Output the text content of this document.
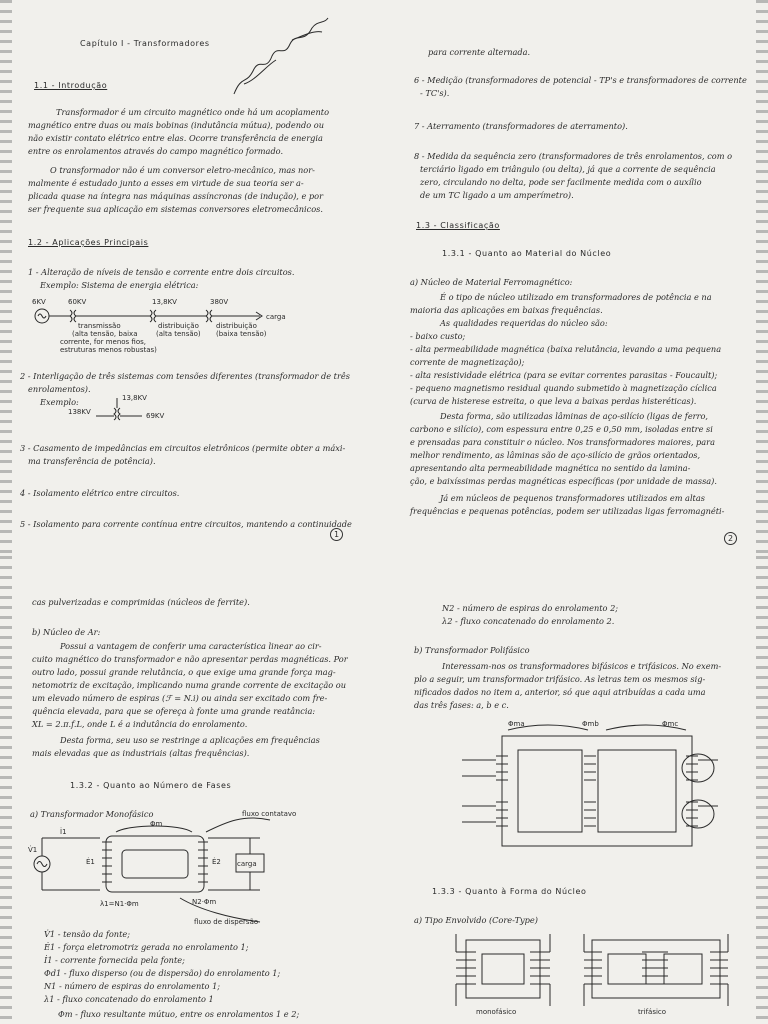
Capítulo I - Transformadores
1.1 - Introdução
Transformador é um circuito magnético onde há um acoplamento
magnético entre duas ou mais bobinas (indutância mútua), podendo ou
não existir contato elétrico entre elas. Ocorre transferência de energia
entre os enrolamentos através do campo magnético formado.
O transformador não é um conversor eletro-mecânico, mas nor-
malmente é estudado junto a esses em virtude de sua teoria ser a-
plicada quase na íntegra nas máquinas assíncronas (de indução), e por
ser frequente sua aplicação em sistemas conversores eletromecânicos.
1.2 - Aplicações Principais
1 - Alteração de níveis de tensão e corrente entre dois circuitos.
Exemplo: Sistema de energia elétrica:
6KV	60KV	13,8KV	380V
carga
transmissão
(alta tensão, baixa
corrente, for menos fios,
estruturas menos robustas)
distribuição
(alta tensão)
distribuição
(baixa tensão)
2 - Interligação de três sistemas com tensões diferentes (transformador de três
enrolamentos).
Exemplo:
138KV
13,8KV
69KV
3 - Casamento de impedâncias em circuitos eletrônicos (permite obter a máxi-
ma transferência de potência).
4 - Isolamento elétrico entre circuitos.
5 - Isolamento para corrente contínua entre circuitos, mantendo a continuidade
1
para corrente alternada.
6 - Medição (transformadores de potencial - TP's e transformadores de corrente
- TC's).
7 - Aterramento (transformadores de aterramento).
8 - Medida da sequência zero (transformadores de três enrolamentos, com o
terciário ligado em triângulo (ou delta), já que a corrente de sequência
zero, circulando no delta, pode ser facilmente medida com o auxílio
de um TC ligado a um amperímetro).
1.3 - Classificação
1.3.1 - Quanto ao Material do Núcleo
a) Núcleo de Material Ferromagnético:
É o tipo de núcleo utilizado em transformadores de potência e na
maioria das aplicações em baixas frequências.
As qualidades requeridas do núcleo são:
- baixo custo;
- alta permeabilidade magnética (baixa relutância, levando a uma pequena
corrente de magnetização);
- alta resistividade elétrica (para se evitar correntes parasitas - Foucault);
- pequeno magnetismo residual quando submetido à magnetização cíclica
(curva de histerese estreita, o que leva a baixas perdas histeréticas).
Desta forma, são utilizadas lâminas de aço-silício (ligas de ferro,
carbono e silício), com espessura entre 0,25 e 0,50 mm, isoladas entre si
e prensadas para constituir o núcleo. Nos transformadores maiores, para
melhor rendimento, as lâminas são de aço-silício de grãos orientados,
apresentando alta permeabilidade magnética no sentido da lamina-
ção, e baixíssimas perdas magnéticas específicas (por unidade de massa).
Já em núcleos de pequenos transformadores utilizados em altas
frequências e pequenas potências, podem ser utilizadas ligas ferromagnéti-
2
cas pulverizadas e comprimidas (núcleos de ferrite).
b) Núcleo de Ar:
Possui a vantagem de conferir uma característica linear ao cir-
cuito magnético do transformador e não apresentar perdas magnéticas. Por
outro lado, possui grande relutância, o que exige uma grande força mag-
netomotriz de excitação, implicando numa grande corrente de excitação ou
um elevado número de espiras (ℱ = N.i) ou ainda ser excitado com fre-
quência elevada, para que se ofereça à fonte uma grande reatância:
XL = 2.π.f.L, onde L é a indutância do enrolamento.
Desta forma, seu uso se restringe a aplicações em frequências
mais elevadas que as industriais (altas frequências).
1.3.2 - Quanto ao Número de Fases
a) Transformador Monofásico
Φm
fluxo contatavo
fluxo de dispersão
İ1
V̇1
Ė1	Ė2 carga
N2·Φm
λ1=N1·Φm
V̇1 - tensão da fonte;
Ė1 - força eletromotriz gerada no enrolamento 1;
İ1 - corrente fornecida pela fonte;
Φd1 - fluxo disperso (ou de dispersão) do enrolamento 1;
N1 - número de espiras do enrolamento 1;
λ1 - fluxo concatenado do enrolamento 1
Φm - fluxo resultante mútuo, entre os enrolamentos 1 e 2;
N2 - número de espiras do enrolamento 2;
λ2 - fluxo concatenado do enrolamento 2.
b) Transformador Polifásico
Interessam-nos os transformadores bifásicos e trifásicos. No exem-
plo a seguir, um transformador trifásico. As letras tem os mesmos sig-
nificados dados no item a, anterior, só que aqui atribuídas a cada uma
das três fases: a, b e c.
Φma	Φmb	Φmc
1.3.3 - Quanto à Forma do Núcleo
a) Tipo Envolvido (Core-Type)
monofásico	trifásico
